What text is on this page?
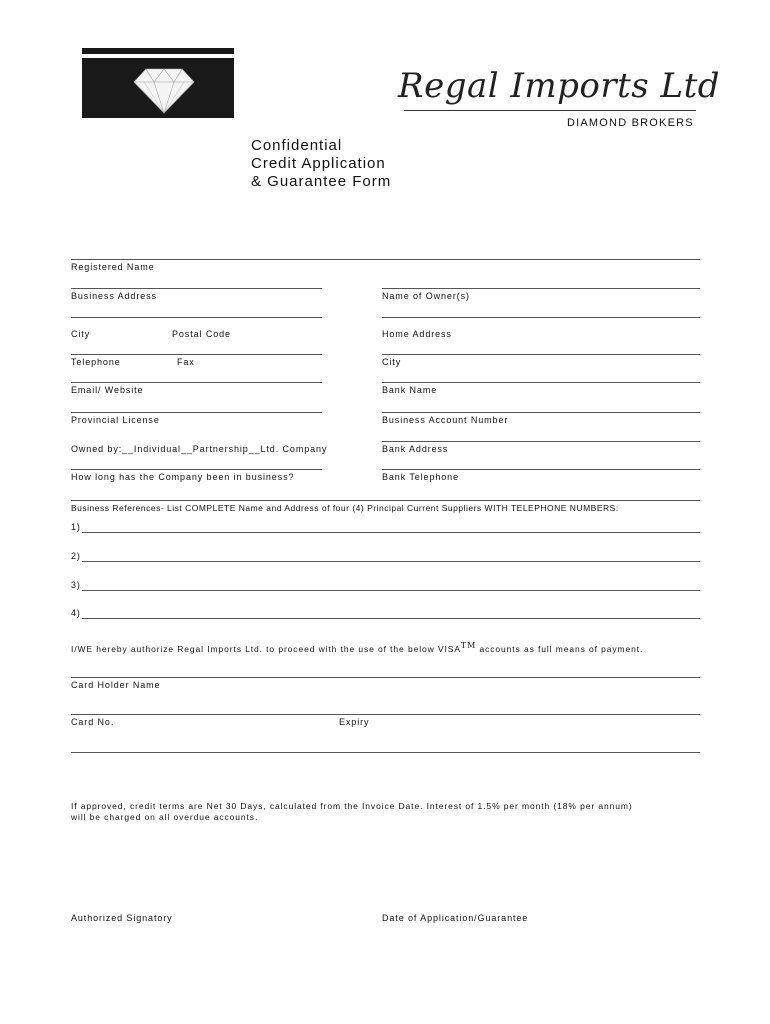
Regal Imports Ltd
DIAMOND BROKERS
Confidential
Credit Application
& Guarantee Form
Registered Name
Business Address	Name of Owner(s)
City	Postal Code	Home Address
Telephone	Fax	City
Email/ Website	Bank Name
Provincial License	Business Account Number
Owned by:__Individual__Partnership__Ltd. Company	Bank Address
How long has the Company been in business?	Bank Telephone
Business References- List COMPLETE Name and Address of four (4) Principal Current Suppliers WITH TELEPHONE NUMBERS:
1)
2)
3)
4)
I/WE hereby authorize Regal Imports Ltd. to proceed with the use of the below VISA™ accounts as full means of payment.
Card Holder Name
Card No.	Expiry
If approved, credit terms are Net 30 Days, calculated from the Invoice Date. Interest of 1.5% per month (18% per annum)
will be charged on all overdue accounts.
Authorized Signatory	Date of Application/Guarantee
